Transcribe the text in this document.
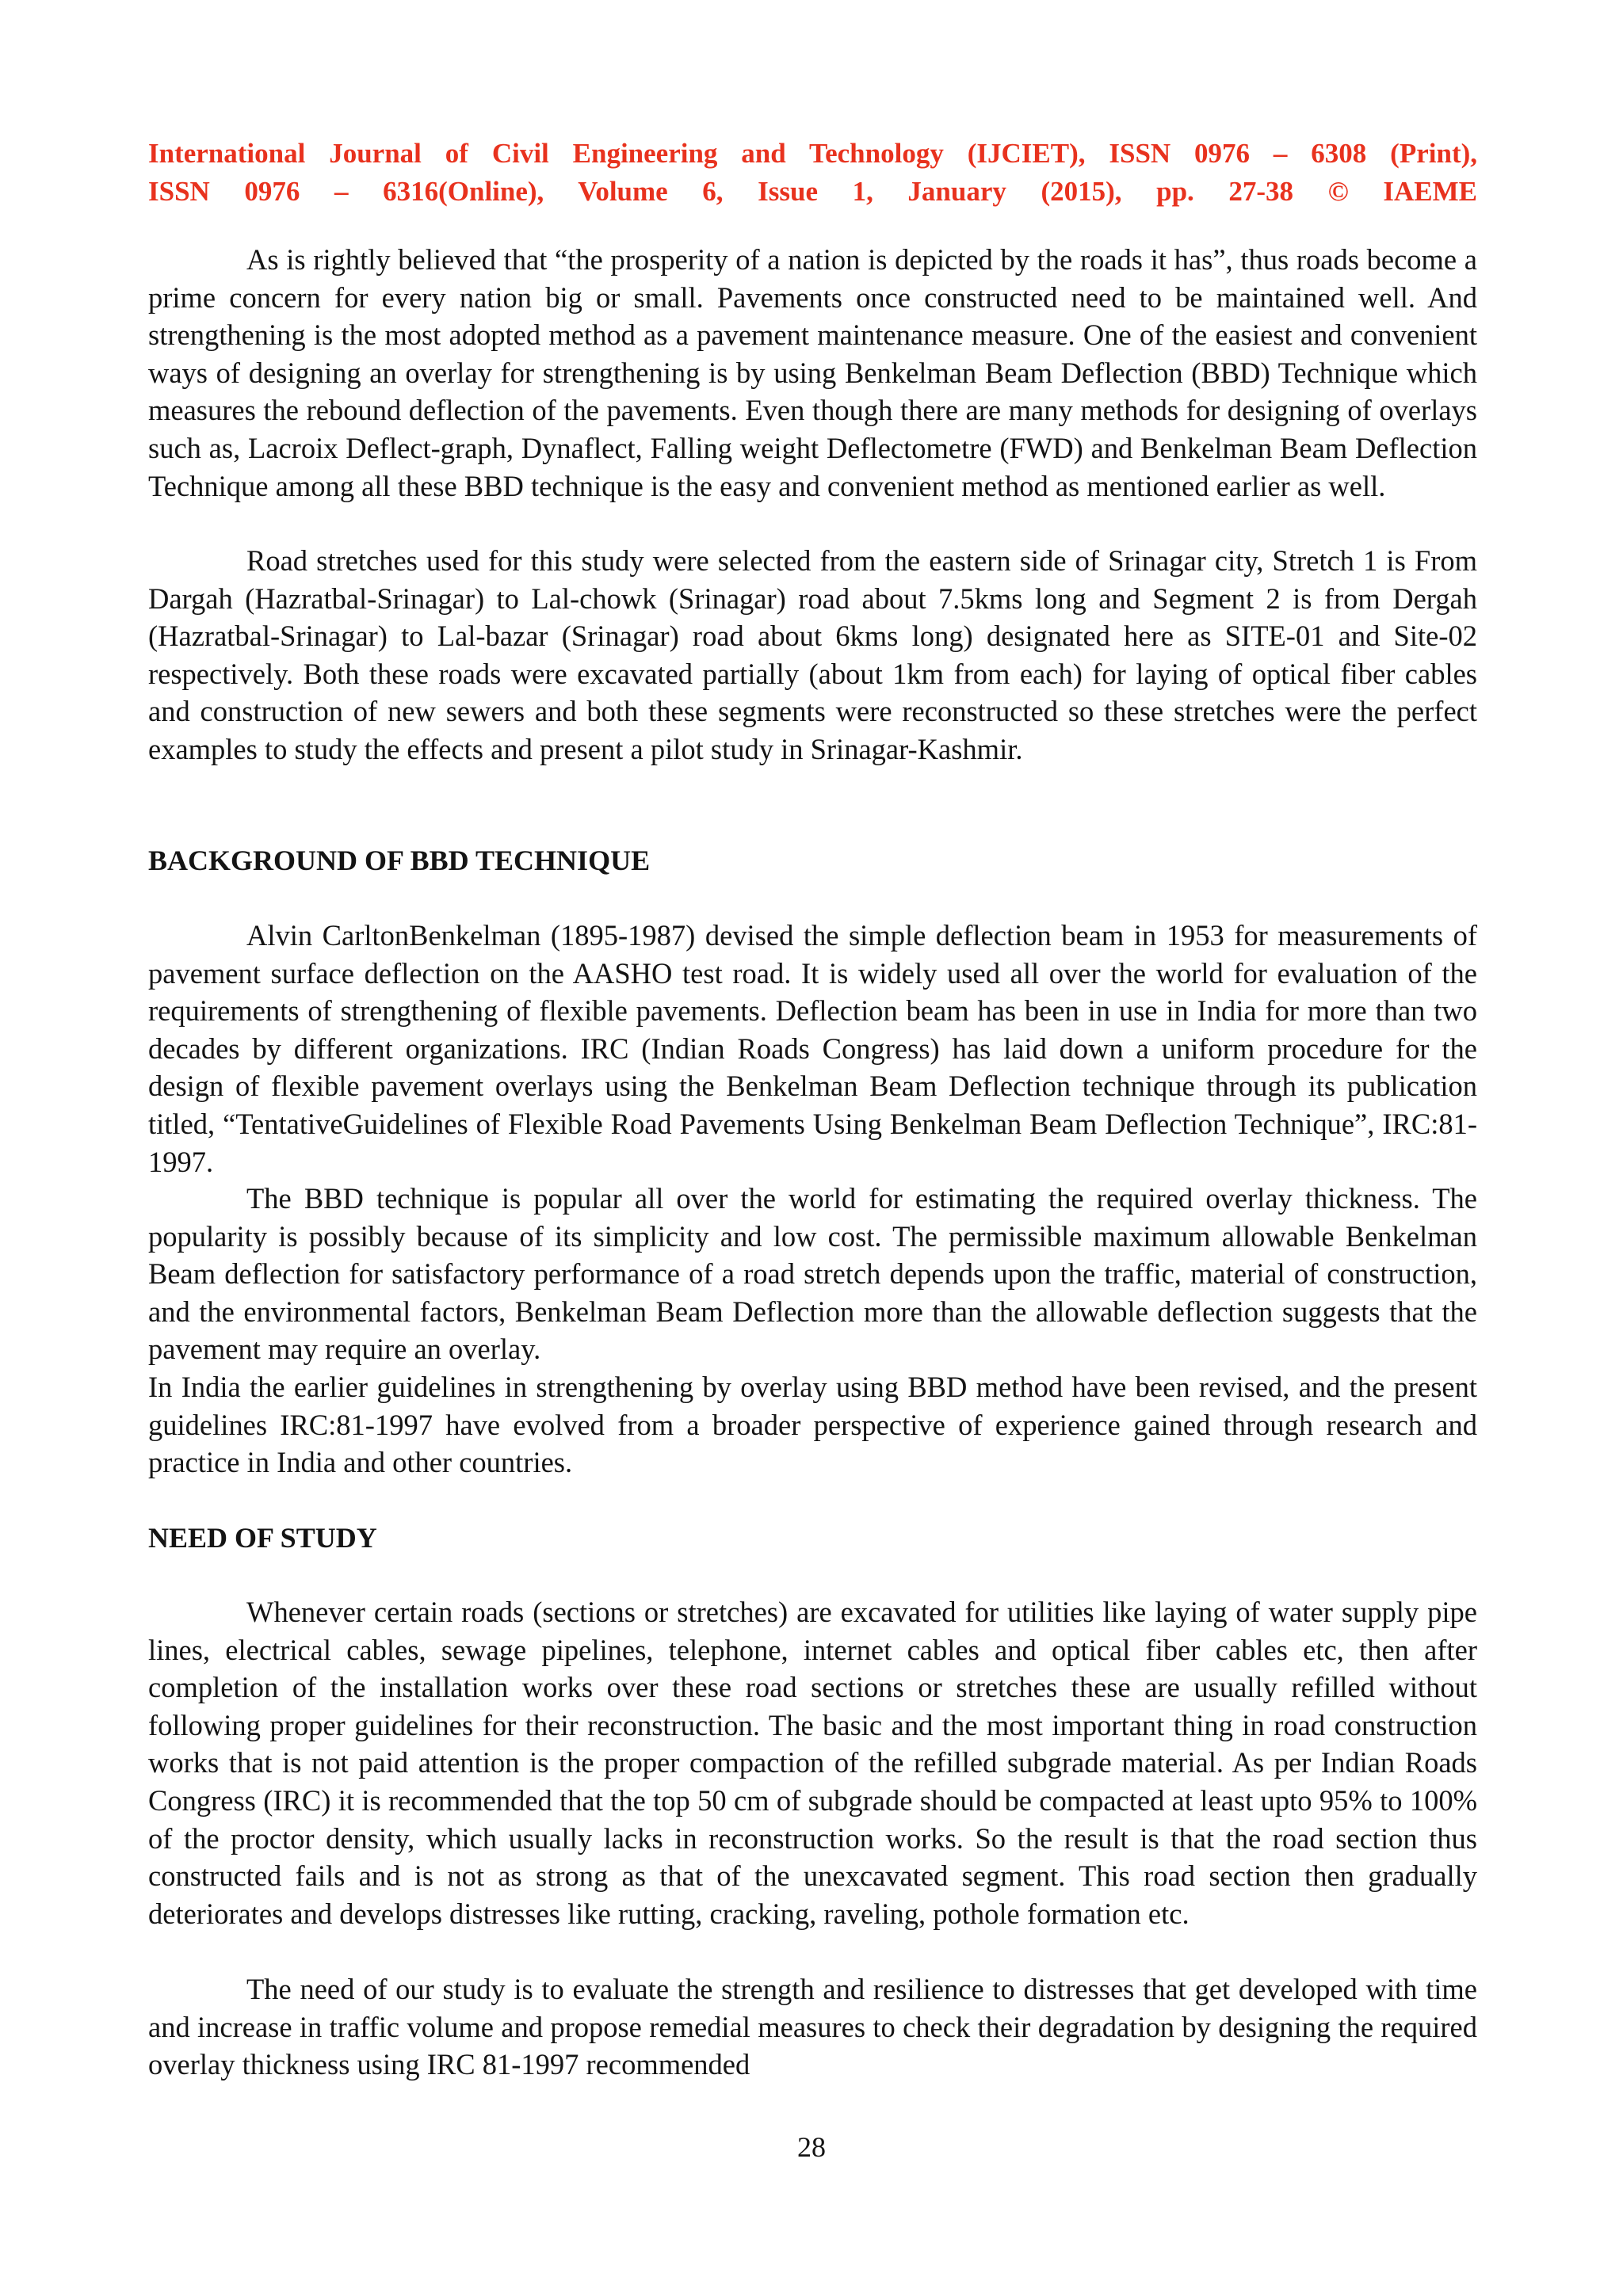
International Journal of Civil Engineering and Technology (IJCIET), ISSN 0976 – 6308 (Print),
ISSN 0976 – 6316(Online), Volume 6, Issue 1, January (2015), pp. 27-38 © IAEME

As is rightly believed that “the prosperity of a nation is depicted by the roads it has”, thus roads become a prime concern for every nation big or small. Pavements once constructed need to be maintained well. And strengthening is the most adopted method as a pavement maintenance measure. One of the easiest and convenient ways of designing an overlay for strengthening is by using Benkelman Beam Deflection (BBD) Technique which measures the rebound deflection of the pavements. Even though there are many methods for designing of overlays such as, Lacroix Deflect-graph, Dynaflect, Falling weight Deflectometre (FWD) and Benkelman Beam Deflection Technique among all these BBD technique is the easy and convenient method as mentioned earlier as well.

Road stretches used for this study were selected from the eastern side of Srinagar city, Stretch 1 is From Dargah (Hazratbal-Srinagar) to Lal-chowk (Srinagar) road about 7.5kms long and Segment 2 is from Dergah (Hazratbal-Srinagar) to Lal-bazar (Srinagar) road about 6kms long) designated here as SITE-01 and Site-02 respectively. Both these roads were excavated partially (about 1km from each) for laying of optical fiber cables and construction of new sewers and both these segments were reconstructed so these stretches were the perfect examples to study the effects and present a pilot study in Srinagar-Kashmir.

BACKGROUND OF BBD TECHNIQUE

Alvin CarltonBenkelman (1895-1987) devised the simple deflection beam in 1953 for measurements of pavement surface deflection on the AASHO test road. It is widely used all over the world for evaluation of the requirements of strengthening of flexible pavements. Deflection beam has been in use in India for more than two decades by different organizations. IRC (Indian Roads Congress) has laid down a uniform procedure for the design of flexible pavement overlays using the Benkelman Beam Deflection technique through its publication titled, “TentativeGuidelines of Flexible Road Pavements Using Benkelman Beam Deflection Technique”, IRC:81-1997.

The BBD technique is popular all over the world for estimating the required overlay thickness. The popularity is possibly because of its simplicity and low cost. The permissible maximum allowable Benkelman Beam deflection for satisfactory performance of a road stretch depends upon the traffic, material of construction, and the environmental factors, Benkelman Beam Deflection more than the allowable deflection suggests that the pavement may require an overlay.

In India the earlier guidelines in strengthening by overlay using BBD method have been revised, and the present guidelines IRC:81-1997 have evolved from a broader perspective of experience gained through research and practice in India and other countries.

NEED OF STUDY

Whenever certain roads (sections or stretches) are excavated for utilities like laying of water supply pipe lines, electrical cables, sewage pipelines, telephone, internet cables and optical fiber cables etc, then after completion of the installation works over these road sections or stretches these are usually refilled without following proper guidelines for their reconstruction. The basic and the most important thing in road construction works that is not paid attention is the proper compaction of the refilled subgrade material. As per Indian Roads Congress (IRC) it is recommended that the top 50 cm of subgrade should be compacted at least upto 95% to 100% of the proctor density, which usually lacks in reconstruction works. So the result is that the road section thus constructed fails and is not as strong as that of the unexcavated segment. This road section then gradually deteriorates and develops distresses like rutting, cracking, raveling, pothole formation etc.

The need of our study is to evaluate the strength and resilience to distresses that get developed with time and increase in traffic volume and propose remedial measures to check their degradation by designing the required overlay thickness using IRC 81-1997 recommended

28
